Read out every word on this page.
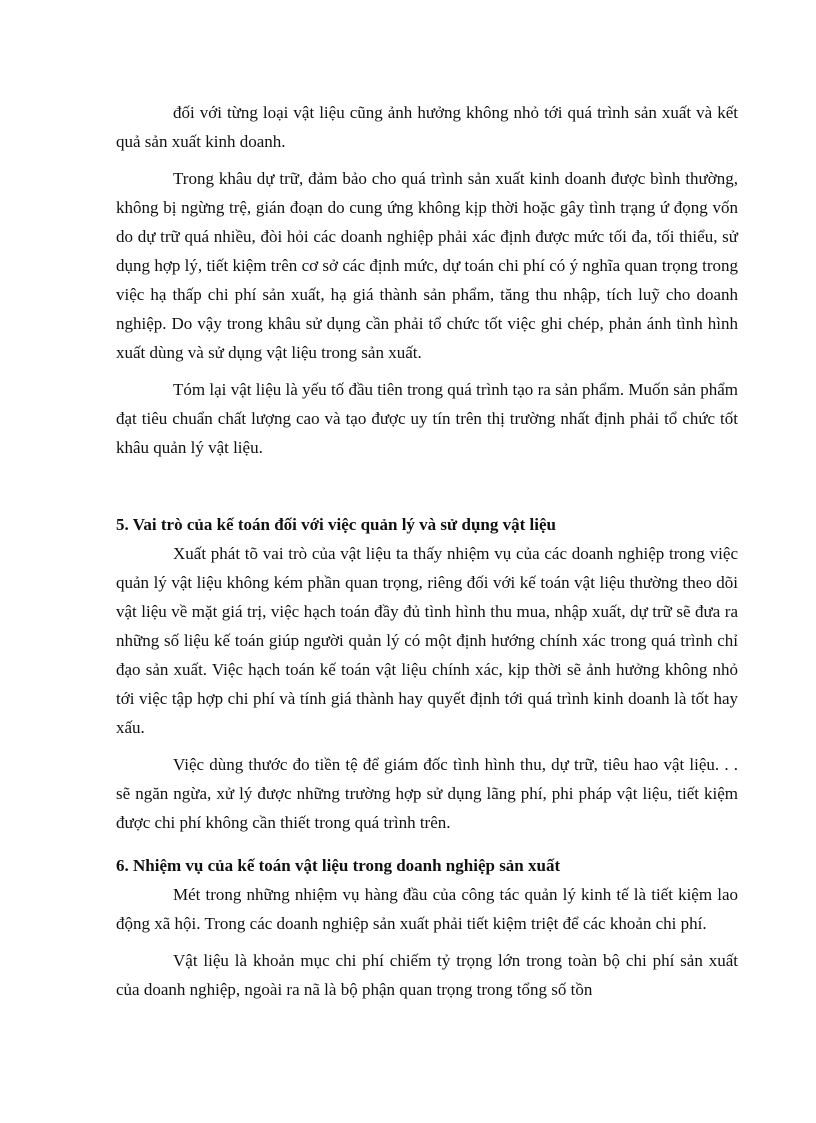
đối với từng loại vật liệu cũng ảnh hưởng không nhỏ tới quá trình sản xuất và kết quả sản xuất kinh doanh.

Trong khâu dự trữ, đảm bảo cho quá trình sản xuất kinh doanh được bình thường, không bị ngừng trệ, gián đoạn do cung ứng không kịp thời hoặc gây tình trạng ứ đọng vốn do dự trữ quá nhiều, đòi hỏi các doanh nghiệp phải xác định được mức tối đa, tối thiểu, sử dụng hợp lý, tiết kiệm trên cơ sở các định mức, dự toán chi phí có ý nghĩa quan trọng trong việc hạ thấp chi phí sản xuất, hạ giá thành sản phẩm, tăng thu nhập, tích luỹ cho doanh nghiệp. Do vậy trong khâu sử dụng cần phải tổ chức tốt việc ghi chép, phản ánh tình hình xuất dùng và sử dụng vật liệu trong sản xuất.

Tóm lại vật liệu là yếu tố đầu tiên trong quá trình tạo ra sản phẩm. Muốn sản phẩm đạt tiêu chuẩn chất lượng cao và tạo được uy tín trên thị trường nhất định phải tổ chức tốt khâu quản lý vật liệu.

5. Vai trò của kế toán đối với việc quản lý và sử dụng vật liệu

Xuất phát tõ vai trò của vật liệu ta thấy nhiệm vụ của các doanh nghiệp trong việc quản lý vật liệu không kém phần quan trọng, riêng đối với kế toán vật liệu thường theo dõi vật liệu về mặt giá trị, việc hạch toán đầy đủ tình hình thu mua, nhập xuất, dự trữ sẽ đưa ra những số liệu kế toán giúp người quản lý có một định hướng chính xác trong quá trình chỉ đạo sản xuất. Việc hạch toán kế toán vật liệu chính xác, kịp thời sẽ ảnh hưởng không nhỏ tới việc tập hợp chi phí và tính giá thành hay quyết định tới quá trình kinh doanh là tốt hay xấu.

Việc dùng thước đo tiền tệ để giám đốc tình hình thu, dự trữ, tiêu hao vật liệu. . . sẽ ngăn ngừa, xử lý được những trường hợp sử dụng lãng phí, phi pháp vật liệu, tiết kiệm được chi phí không cần thiết trong quá trình trên.

6. Nhiệm vụ của kế toán vật liệu trong doanh nghiệp sản xuất

Mét trong những nhiệm vụ hàng đầu của công tác quản lý kinh tế là tiết kiệm lao động xã hội. Trong các doanh nghiệp sản xuất phải tiết kiệm triệt để các khoản chi phí.

Vật liệu là khoản mục chi phí chiếm tỷ trọng lớn trong toàn bộ chi phí sản xuất của doanh nghiệp, ngoài ra nã là bộ phận quan trọng trong tổng số tồn
